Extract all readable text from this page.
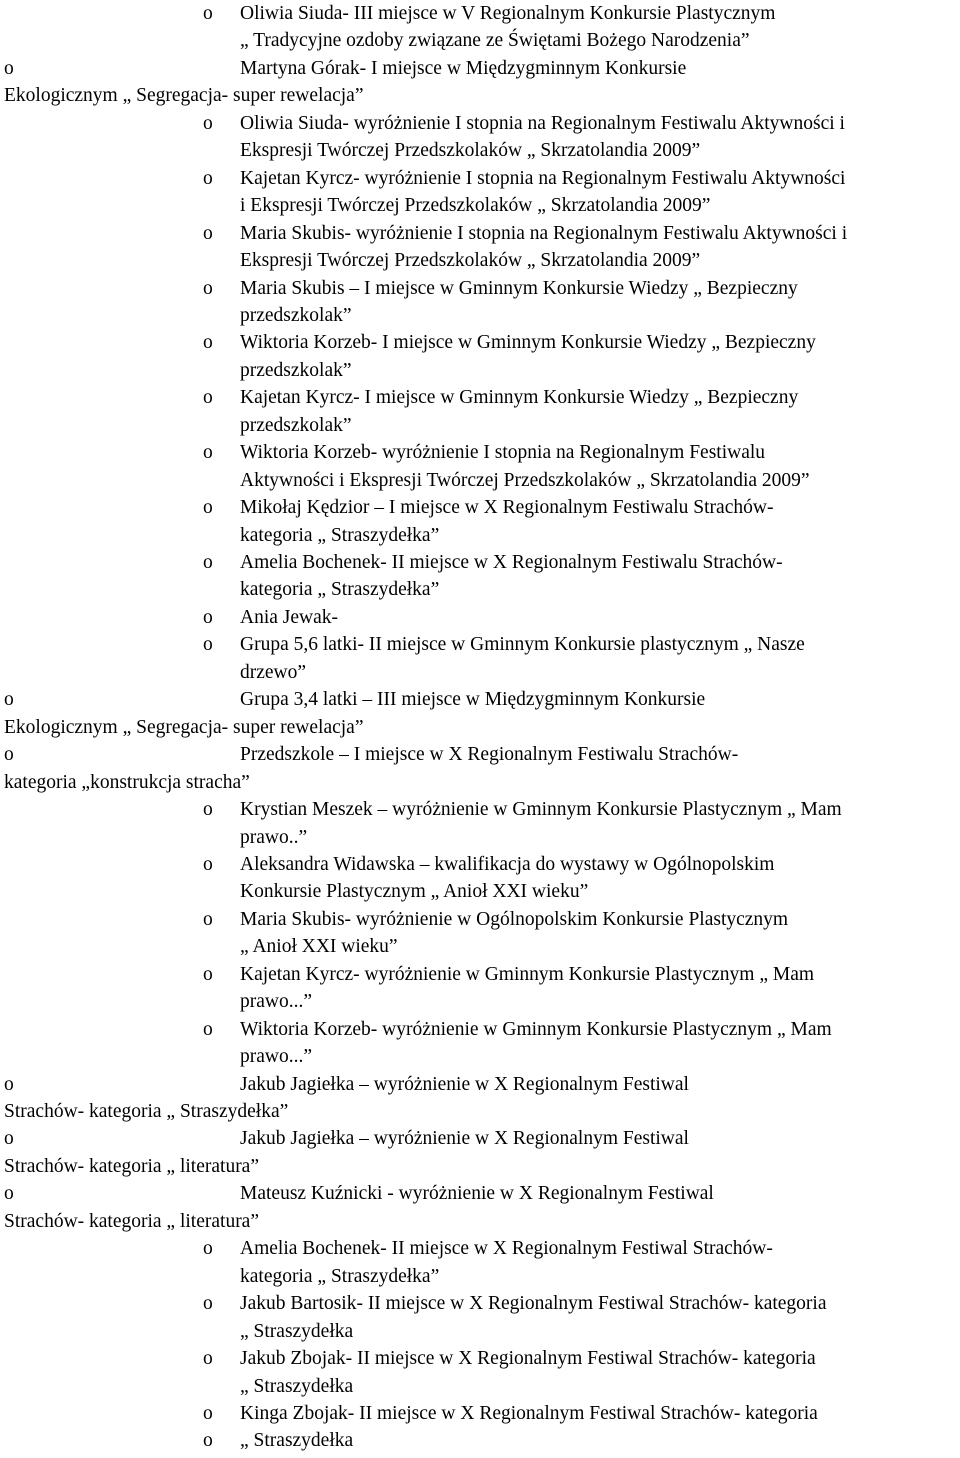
o Oliwia Siuda- III miejsce w V Regionalnym Konkursie Plastycznym
„ Tradycyjne ozdoby związane ze Świętami Bożego Narodzenia”
o	Martyna Górak- I miejsce w Międzygminnym Konkursie
Ekologicznym „ Segregacja- super rewelacja”
o Oliwia Siuda- wyróżnienie I stopnia na Regionalnym Festiwalu Aktywności i
Ekspresji Twórczej Przedszkolaków „ Skrzatolandia 2009”
o Kajetan Kyrcz- wyróżnienie I stopnia na Regionalnym Festiwalu Aktywności
i Ekspresji Twórczej Przedszkolaków „ Skrzatolandia 2009”
o Maria Skubis- wyróżnienie I stopnia na Regionalnym Festiwalu Aktywności i
Ekspresji Twórczej Przedszkolaków „ Skrzatolandia 2009”
o Maria Skubis – I miejsce w Gminnym Konkursie Wiedzy „ Bezpieczny
przedszkolak”
o Wiktoria Korzeb- I miejsce w Gminnym Konkursie Wiedzy „ Bezpieczny
przedszkolak”
o Kajetan Kyrcz- I miejsce w Gminnym Konkursie Wiedzy „ Bezpieczny
przedszkolak”
o Wiktoria Korzeb- wyróżnienie I stopnia na Regionalnym Festiwalu
Aktywności i Ekspresji Twórczej Przedszkolaków „ Skrzatolandia 2009”
o Mikołaj Kędzior – I miejsce w X Regionalnym Festiwalu Strachów-
kategoria „ Straszydełka”
o Amelia Bochenek- II miejsce w X Regionalnym Festiwalu Strachów-
kategoria „ Straszydełka”
o Ania Jewak-
o Grupa 5,6 latki- II miejsce w Gminnym Konkursie plastycznym „ Nasze
drzewo”
o	Grupa 3,4 latki – III miejsce w Międzygminnym Konkursie
Ekologicznym „ Segregacja- super rewelacja”
o	Przedszkole – I miejsce w X Regionalnym Festiwalu Strachów-
kategoria „konstrukcja stracha”
o Krystian Meszek – wyróżnienie w Gminnym Konkursie Plastycznym „ Mam
prawo..”
o Aleksandra Widawska – kwalifikacja do wystawy w Ogólnopolskim
Konkursie Plastycznym „ Anioł XXI wieku”
o Maria Skubis- wyróżnienie w Ogólnopolskim Konkursie Plastycznym
„ Anioł XXI wieku”
o Kajetan Kyrcz- wyróżnienie w Gminnym Konkursie Plastycznym „ Mam
prawo...”
o Wiktoria Korzeb- wyróżnienie w Gminnym Konkursie Plastycznym „ Mam
prawo...”
o	Jakub Jagiełka – wyróżnienie w X Regionalnym Festiwal
Strachów- kategoria „ Straszydełka”
o	Jakub Jagiełka – wyróżnienie w X Regionalnym Festiwal
Strachów- kategoria „ literatura”
o	Mateusz Kuźnicki - wyróżnienie w X Regionalnym Festiwal
Strachów- kategoria „ literatura”
o Amelia Bochenek- II miejsce w X Regionalnym Festiwal Strachów-
kategoria „ Straszydełka”
o Jakub Bartosik- II miejsce w X Regionalnym Festiwal Strachów- kategoria
„ Straszydełka
o Jakub Zbojak- II miejsce w X Regionalnym Festiwal Strachów- kategoria
„ Straszydełka
o Kinga Zbojak- II miejsce w X Regionalnym Festiwal Strachów- kategoria
o „ Straszydełka
